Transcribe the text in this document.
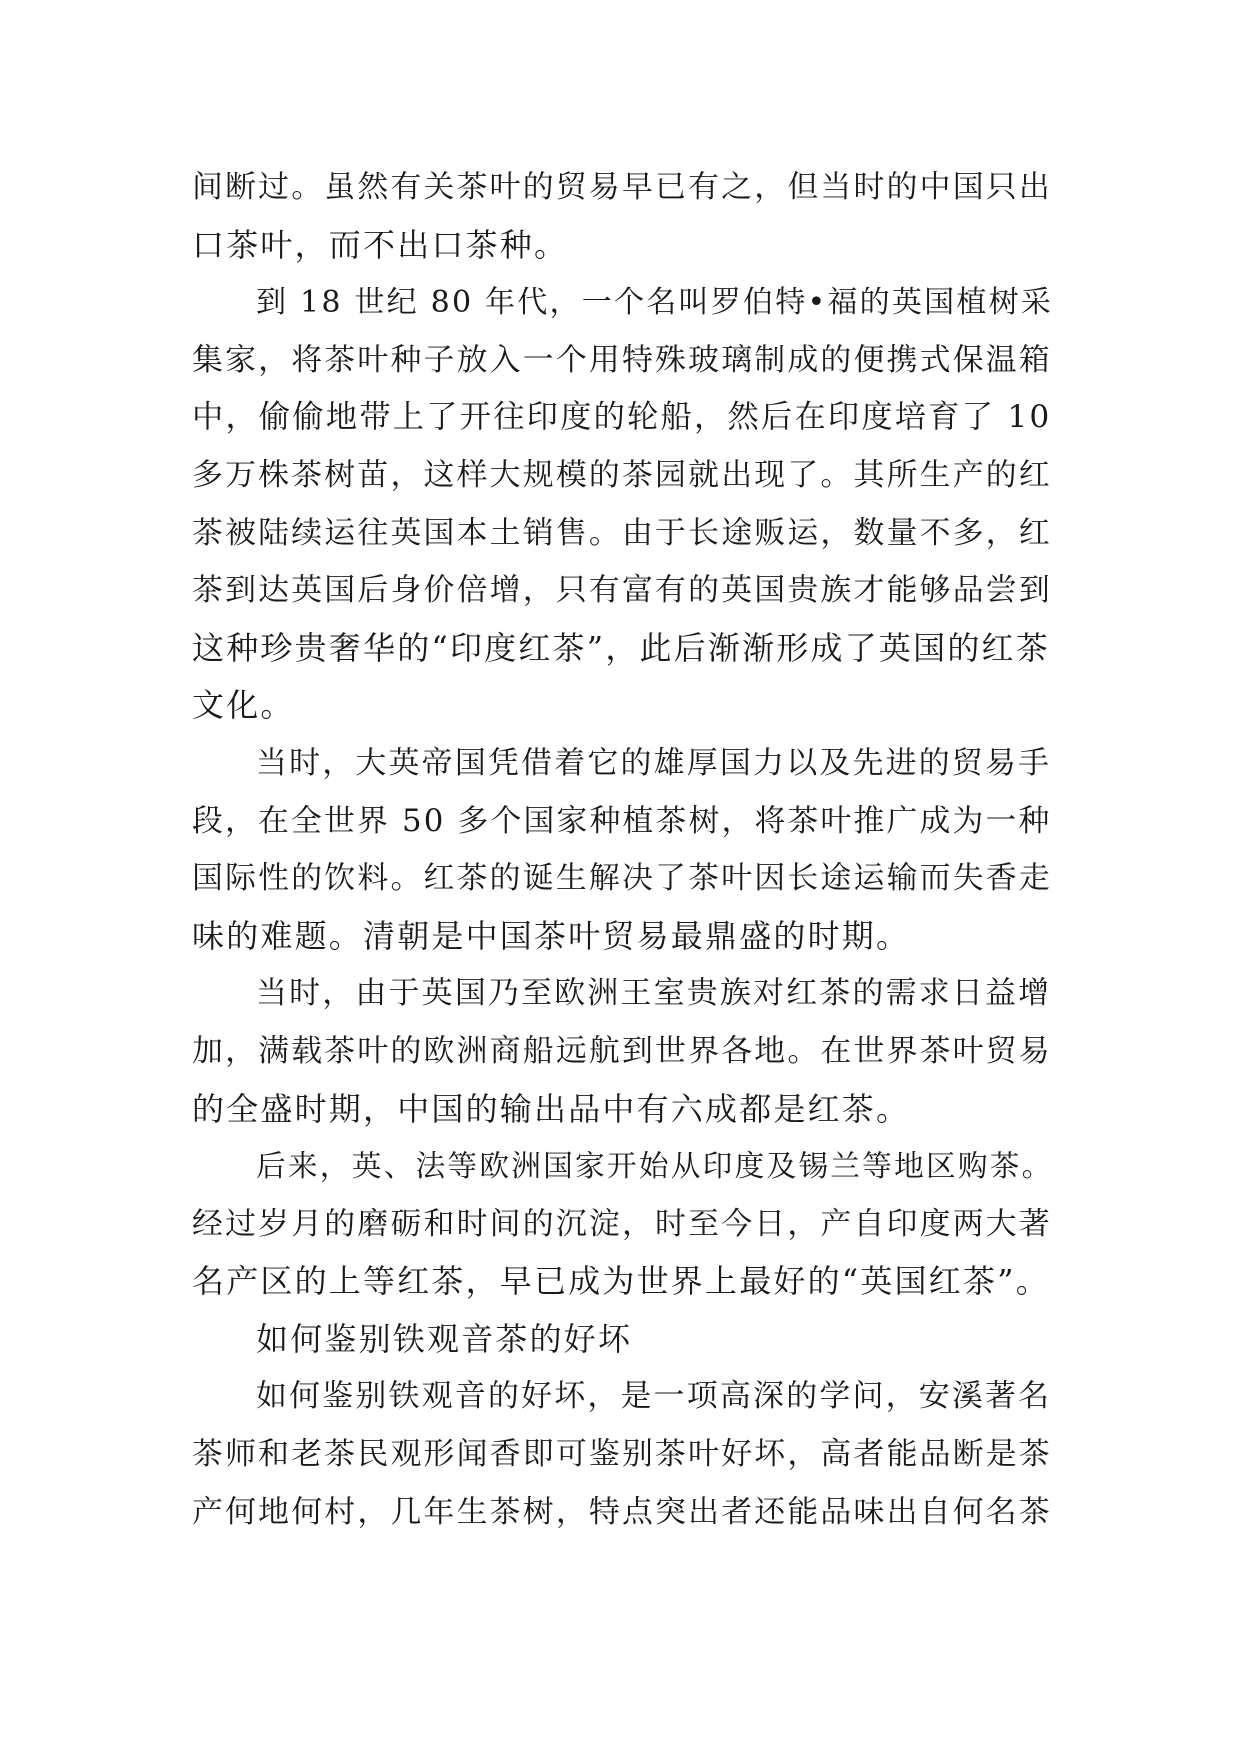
间断过。虽然有关茶叶的贸易早已有之，但当时的中国只出
口茶叶，而不出口茶种。
到 18 世纪 80 年代，一个名叫罗伯特•福的英国植树采
集家，将茶叶种子放入一个用特殊玻璃制成的便携式保温箱
中，偷偷地带上了开往印度的轮船，然后在印度培育了 10
多万株茶树苗，这样大规模的茶园就出现了。其所生产的红
茶被陆续运往英国本土销售。由于长途贩运，数量不多，红
茶到达英国后身价倍增，只有富有的英国贵族才能够品尝到
这种珍贵奢华的“印度红茶”，此后渐渐形成了英国的红茶
文化。
当时，大英帝国凭借着它的雄厚国力以及先进的贸易手
段，在全世界 50 多个国家种植茶树，将茶叶推广成为一种
国际性的饮料。红茶的诞生解决了茶叶因长途运输而失香走
味的难题。清朝是中国茶叶贸易最鼎盛的时期。
当时，由于英国乃至欧洲王室贵族对红茶的需求日益增
加，满载茶叶的欧洲商船远航到世界各地。在世界茶叶贸易
的全盛时期，中国的输出品中有六成都是红茶。
后来，英、法等欧洲国家开始从印度及锡兰等地区购茶。
经过岁月的磨砺和时间的沉淀，时至今日，产自印度两大著
名产区的上等红茶，早已成为世界上最好的“英国红茶”。
如何鉴别铁观音茶的好坏
如何鉴别铁观音的好坏，是一项高深的学问，安溪著名
茶师和老茶民观形闻香即可鉴别茶叶好坏，高者能品断是茶
产何地何村，几年生茶树，特点突出者还能品味出自何名茶
